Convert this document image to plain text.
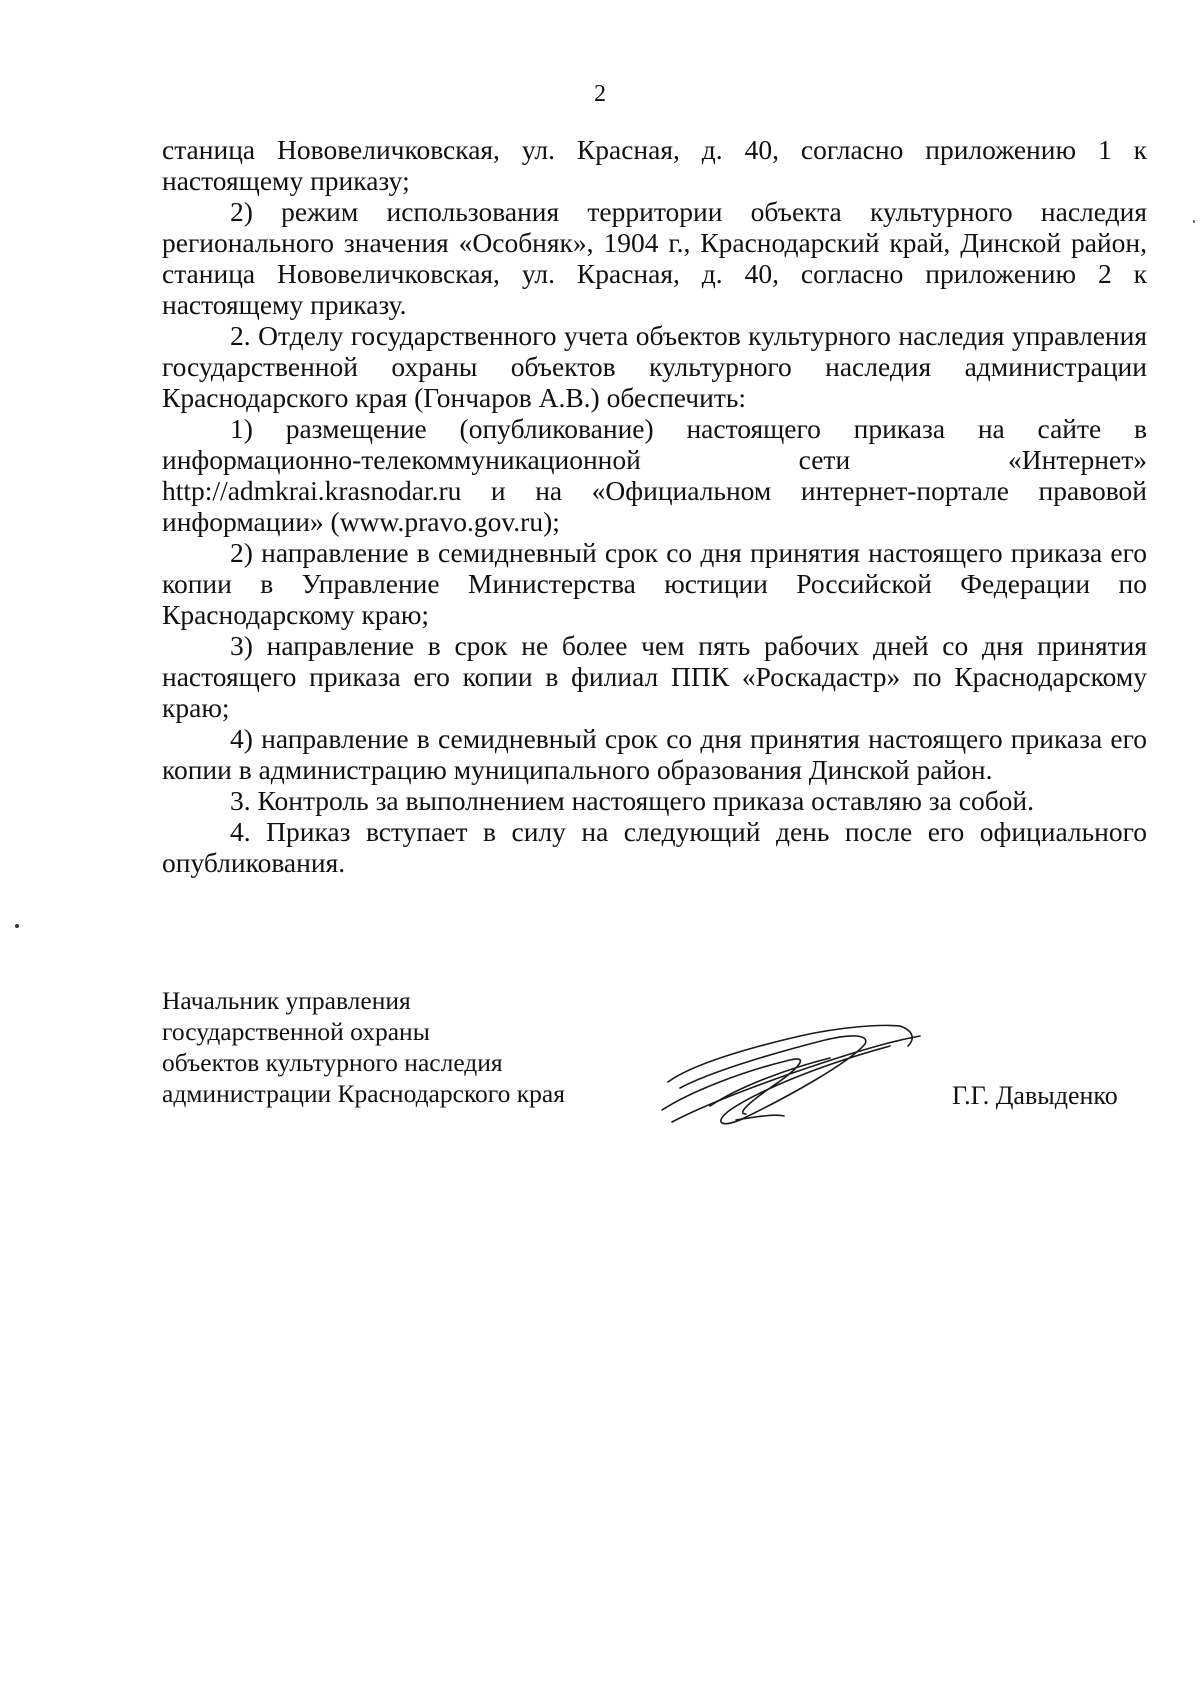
2

станица Нововеличковская, ул. Красная, д. 40, согласно приложению 1 к настоящему приказу;

2) режим использования территории объекта культурного наследия регионального значения «Особняк», 1904 г., Краснодарский край, Динской район, станица Нововеличковская, ул. Красная, д. 40, согласно приложению 2 к настоящему приказу.

2. Отделу государственного учета объектов культурного наследия управления государственной охраны объектов культурного наследия администрации Краснодарского края (Гончаров А.В.) обеспечить:

1) размещение (опубликование) настоящего приказа на сайте в информационно-телекоммуникационной сети «Интернет» http://admkrai.krasnodar.ru и на «Официальном интернет-портале правовой информации» (www.pravo.gov.ru);

2) направление в семидневный срок со дня принятия настоящего приказа его копии в Управление Министерства юстиции Российской Федерации по Краснодарскому краю;

3) направление в срок не более чем пять рабочих дней со дня принятия настоящего приказа его копии в филиал ППК «Роскадастр» по Краснодарскому краю;

4) направление в семидневный срок со дня принятия настоящего приказа его копии в администрацию муниципального образования Динской район.

3. Контроль за выполнением настоящего приказа оставляю за собой.

4. Приказ вступает в силу на следующий день после его официального опубликования.

Начальник управления
государственной охраны
объектов культурного наследия
администрации Краснодарского края	Г.Г. Давыденко
